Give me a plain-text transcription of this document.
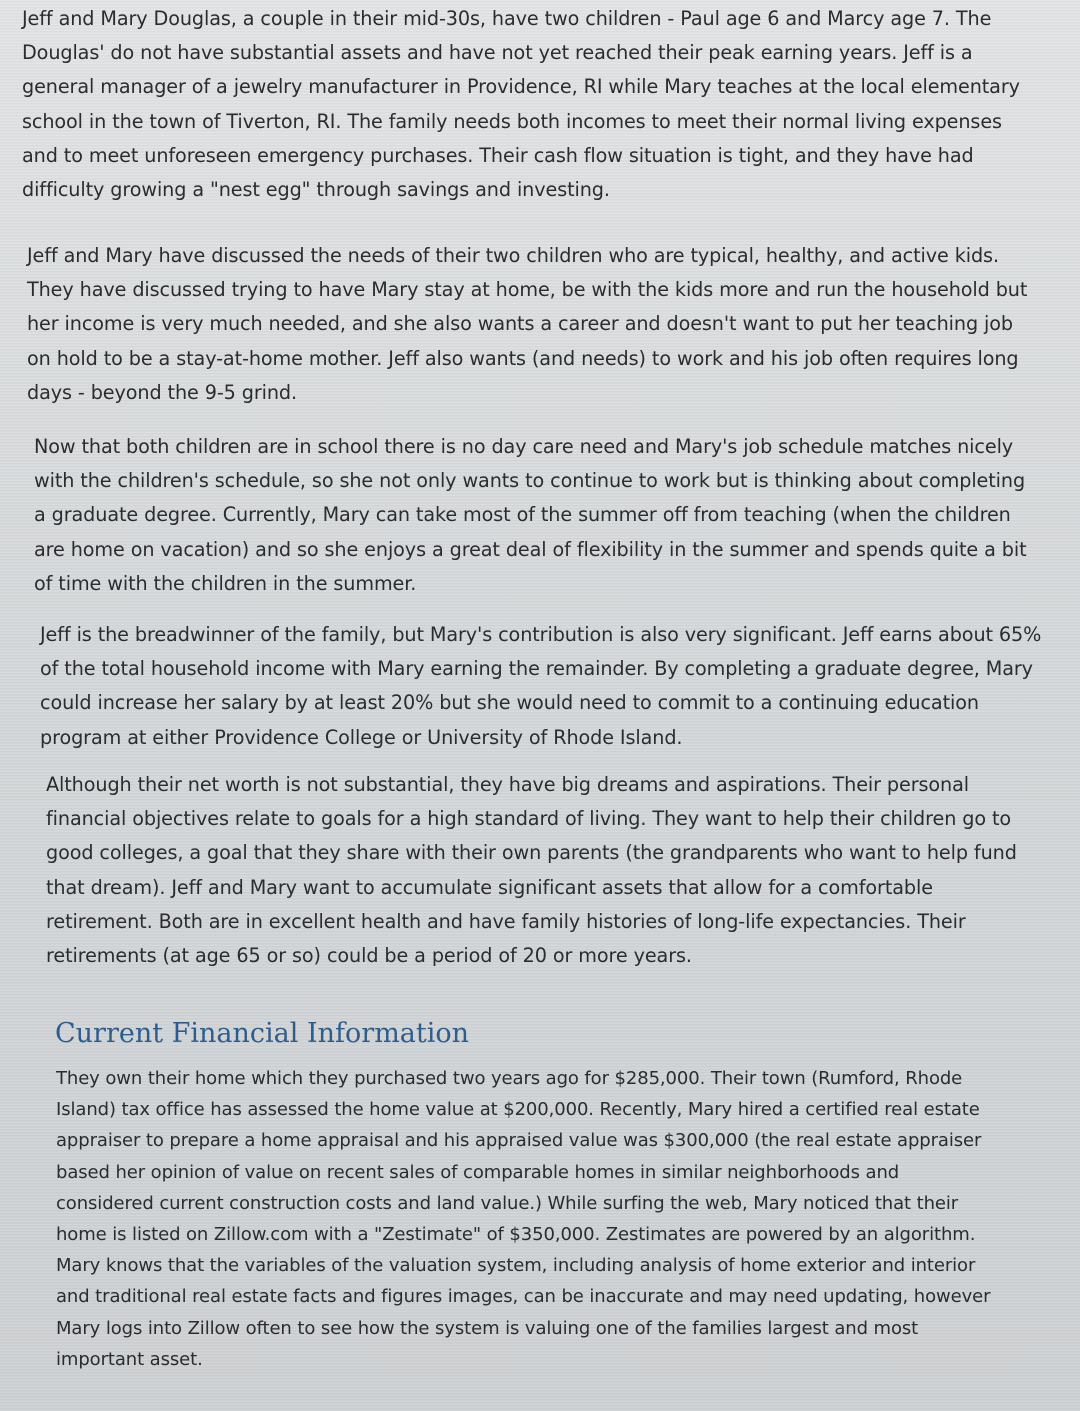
Jeff and Mary Douglas, a couple in their mid-30s, have two children - Paul age 6 and Marcy age 7. The
Douglas' do not have substantial assets and have not yet reached their peak earning years. Jeff is a
general manager of a jewelry manufacturer in Providence, RI while Mary teaches at the local elementary
school in the town of Tiverton, RI. The family needs both incomes to meet their normal living expenses
and to meet unforeseen emergency purchases. Their cash flow situation is tight, and they have had
difficulty growing a "nest egg" through savings and investing.

Jeff and Mary have discussed the needs of their two children who are typical, healthy, and active kids.
They have discussed trying to have Mary stay at home, be with the kids more and run the household but
her income is very much needed, and she also wants a career and doesn't want to put her teaching job
on hold to be a stay-at-home mother. Jeff also wants (and needs) to work and his job often requires long
days - beyond the 9-5 grind.

Now that both children are in school there is no day care need and Mary's job schedule matches nicely
with the children's schedule, so she not only wants to continue to work but is thinking about completing
a graduate degree. Currently, Mary can take most of the summer off from teaching (when the children
are home on vacation) and so she enjoys a great deal of flexibility in the summer and spends quite a bit
of time with the children in the summer.

Jeff is the breadwinner of the family, but Mary's contribution is also very significant. Jeff earns about 65%
of the total household income with Mary earning the remainder. By completing a graduate degree, Mary
could increase her salary by at least 20% but she would need to commit to a continuing education
program at either Providence College or University of Rhode Island.

Although their net worth is not substantial, they have big dreams and aspirations. Their personal
financial objectives relate to goals for a high standard of living. They want to help their children go to
good colleges, a goal that they share with their own parents (the grandparents who want to help fund
that dream). Jeff and Mary want to accumulate significant assets that allow for a comfortable
retirement. Both are in excellent health and have family histories of long-life expectancies. Their
retirements (at age 65 or so) could be a period of 20 or more years.

Current Financial Information

They own their home which they purchased two years ago for $285,000. Their town (Rumford, Rhode
Island) tax office has assessed the home value at $200,000. Recently, Mary hired a certified real estate
appraiser to prepare a home appraisal and his appraised value was $300,000 (the real estate appraiser
based her opinion of value on recent sales of comparable homes in similar neighborhoods and
considered current construction costs and land value.) While surfing the web, Mary noticed that their
home is listed on Zillow.com with a "Zestimate" of $350,000. Zestimates are powered by an algorithm.
Mary knows that the variables of the valuation system, including analysis of home exterior and interior
and traditional real estate facts and figures images, can be inaccurate and may need updating, however
Mary logs into Zillow often to see how the system is valuing one of the families largest and most
important asset.
